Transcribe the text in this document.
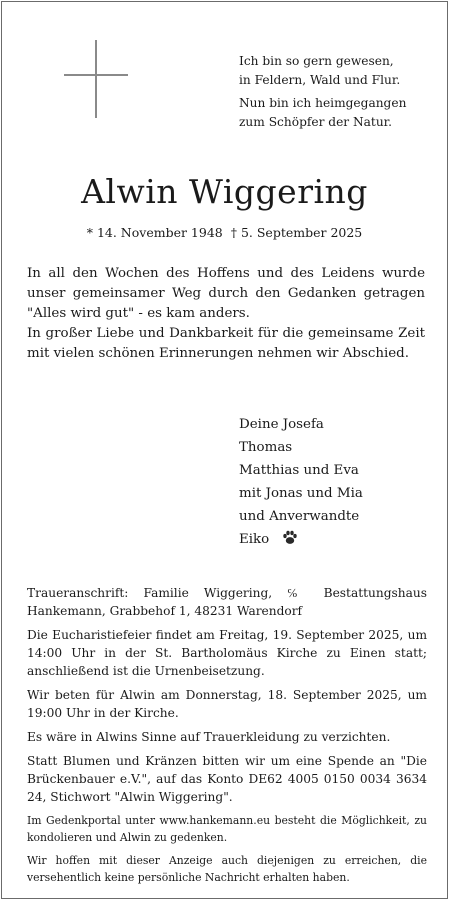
Ich bin so gern gewesen,
in Feldern, Wald und Flur.
Nun bin ich heimgegangen
zum Schöpfer der Natur.
Alwin Wiggering
* 14. November 1948 † 5. September 2025

In all den Wochen des Hoffens und des Leidens wurde unser gemeinsamer Weg durch den Gedanken getragen "Alles wird gut" - es kam anders.

In großer Liebe und Dankbarkeit für die gemeinsame Zeit mit vielen schönen Erinnerungen nehmen wir Abschied.

Deine Josefa
Thomas
Matthias und Eva
mit Jonas und Mia
und Anverwandte
Eiko

Traueranschrift: Familie Wiggering, ℅ Bestattungshaus Hankemann, Grabbehof 1, 48231 Warendorf

Die Eucharistiefeier findet am Freitag, 19. September 2025, um 14:00 Uhr in der St. Bartholomäus Kirche zu Einen statt; anschließend ist die Urnenbeisetzung.

Wir beten für Alwin am Donnerstag, 18. September 2025, um 19:00 Uhr in der Kirche.

Es wäre in Alwins Sinne auf Trauerkleidung zu verzichten.

Statt Blumen und Kränzen bitten wir um eine Spende an "Die Brückenbauer e.V.", auf das Konto DE62 4005 0150 0034 3634 24, Stichwort "Alwin Wiggering".

Im Gedenkportal unter www.hankemann.eu besteht die Möglichkeit, zu kondolieren und Alwin zu gedenken.

Wir hoffen mit dieser Anzeige auch diejenigen zu erreichen, die versehentlich keine persönliche Nachricht erhalten haben.
